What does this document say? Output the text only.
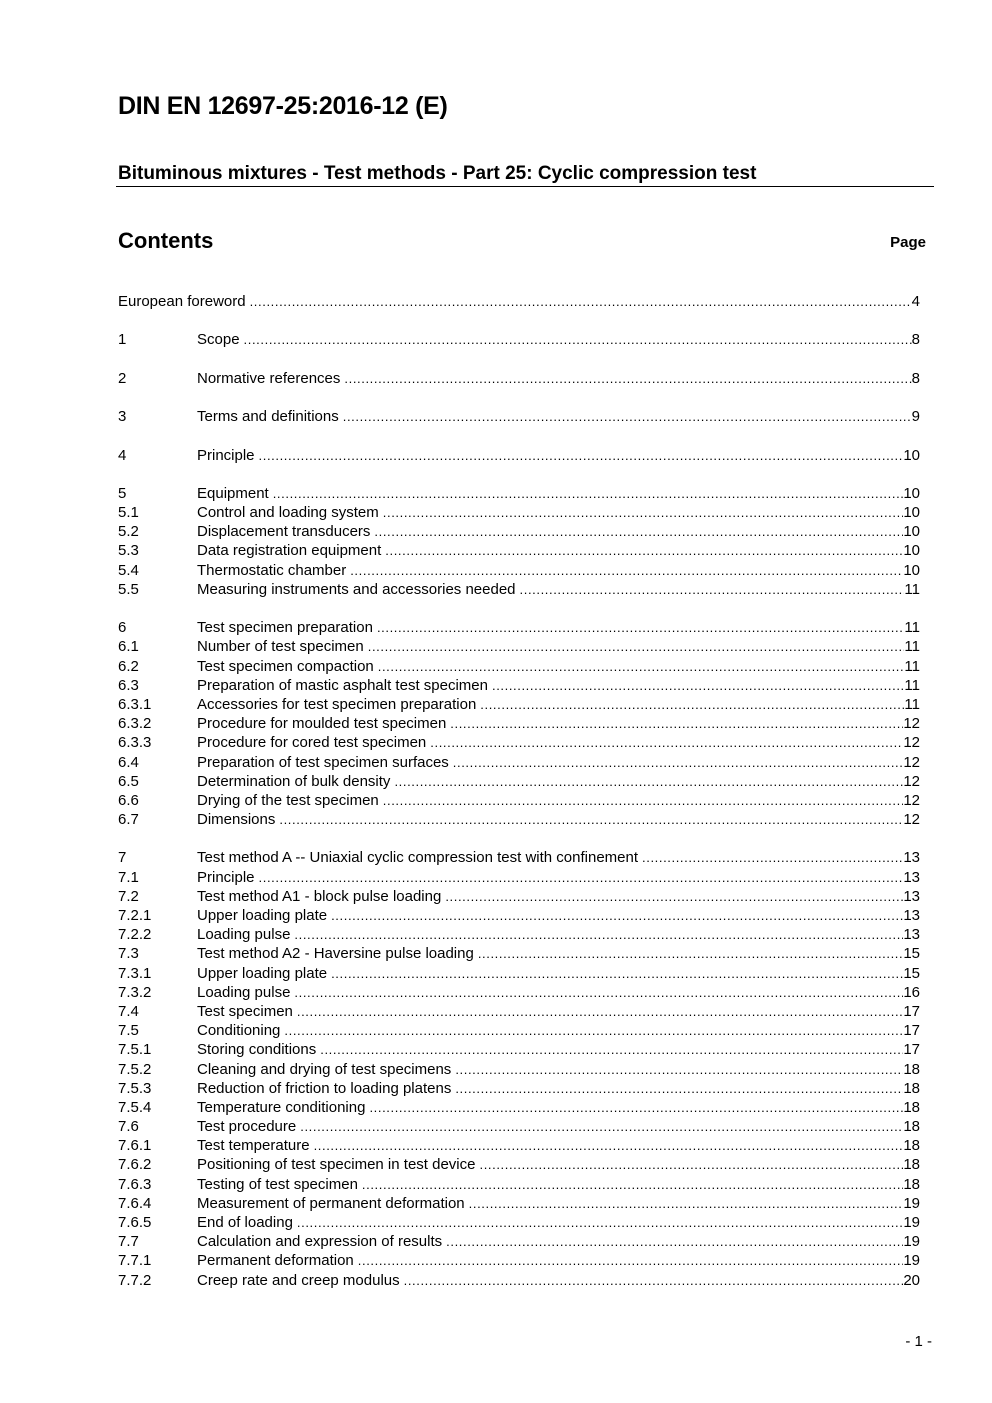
DIN EN 12697-25:2016-12 (E)
Bituminous mixtures - Test methods - Part 25: Cyclic compression test
Contents	Page
European foreword .....	4
1	Scope .....	8
2	Normative references .....	8
3	Terms and definitions .....	9
4	Principle .....	10
5	Equipment .....	10
5.1	Control and loading system .....	10
5.2	Displacement transducers .....	10
5.3	Data registration equipment .....	10
5.4	Thermostatic chamber .....	10
5.5	Measuring instruments and accessories needed .....	11
6	Test specimen preparation .....	11
6.1	Number of test specimen .....	11
6.2	Test specimen compaction .....	11
6.3	Preparation of mastic asphalt test specimen .....	11
6.3.1	Accessories for test specimen preparation .....	11
6.3.2	Procedure for moulded test specimen .....	12
6.3.3	Procedure for cored test specimen .....	12
6.4	Preparation of test specimen surfaces .....	12
6.5	Determination of bulk density .....	12
6.6	Drying of the test specimen .....	12
6.7	Dimensions .....	12
7	Test method A -- Uniaxial cyclic compression test with confinement .....	13
7.1	Principle .....	13
7.2	Test method A1 - block pulse loading .....	13
7.2.1	Upper loading plate .....	13
7.2.2	Loading pulse .....	13
7.3	Test method A2 - Haversine pulse loading .....	15
7.3.1	Upper loading plate .....	15
7.3.2	Loading pulse .....	16
7.4	Test specimen .....	17
7.5	Conditioning .....	17
7.5.1	Storing conditions .....	17
7.5.2	Cleaning and drying of test specimens .....	18
7.5.3	Reduction of friction to loading platens .....	18
7.5.4	Temperature conditioning .....	18
7.6	Test procedure .....	18
7.6.1	Test temperature .....	18
7.6.2	Positioning of test specimen in test device .....	18
7.6.3	Testing of test specimen .....	18
7.6.4	Measurement of permanent deformation .....	19
7.6.5	End of loading .....	19
7.7	Calculation and expression of results .....	19
7.7.1	Permanent deformation .....	19
7.7.2	Creep rate and creep modulus .....	20
- 1 -
